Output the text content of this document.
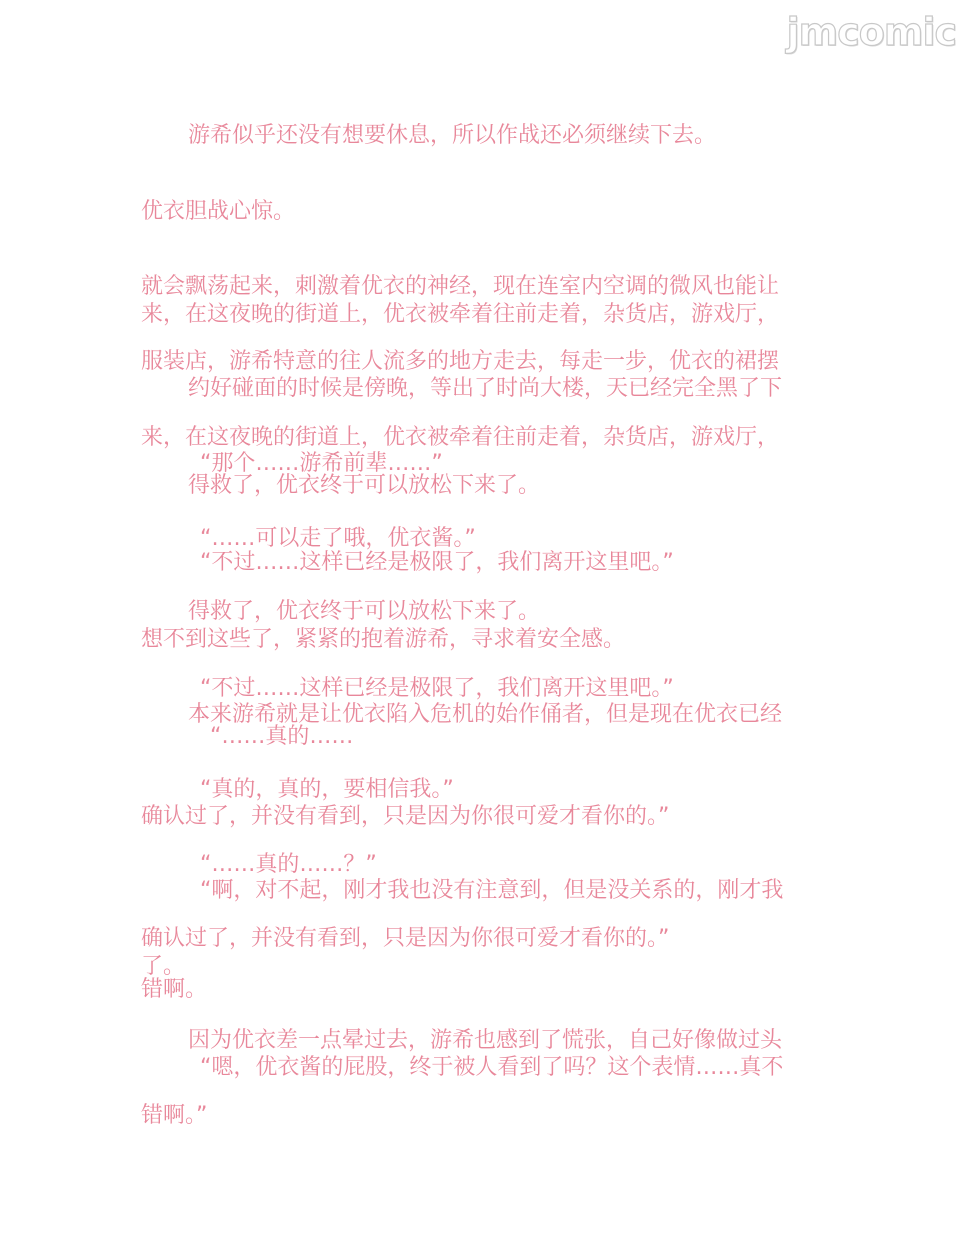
jmcomic
游希似乎还没有想要休息，所以作战还必须继续下去。
优衣胆战心惊。
就会飘荡起来，刺激着优衣的神经，现在连室内空调的微风也能让
来，在这夜晚的街道上，优衣被牵着往前走着，杂货店，游戏厅，
服装店，游希特意的往人流多的地方走去，每走一步，优衣的裙摆
约好碰面的时候是傍晚，等出了时尚大楼，天已经完全黑了下
来，在这夜晚的街道上，优衣被牵着往前走着，杂货店，游戏厅，
“那个……游希前辈……”
得救了，优衣终于可以放松下来了。
“……可以走了哦，优衣酱。”
“不过……这样已经是极限了，我们离开这里吧。”
得救了，优衣终于可以放松下来了。
想不到这些了，紧紧的抱着游希，寻求着安全感。
“不过……这样已经是极限了，我们离开这里吧。”
本来游希就是让优衣陷入危机的始作俑者，但是现在优衣已经
“……真的……
“真的，真的，要相信我。”
确认过了，并没有看到，只是因为你很可爱才看你的。”
“……真的……？”
“啊，对不起，刚才我也没有注意到，但是没关系的，刚才我
确认过了，并没有看到，只是因为你很可爱才看你的。”
了。
错啊。
因为优衣差一点晕过去，游希也感到了慌张，自己好像做过头
“嗯，优衣酱的屁股，终于被人看到了吗？这个表情……真不
错啊。”
